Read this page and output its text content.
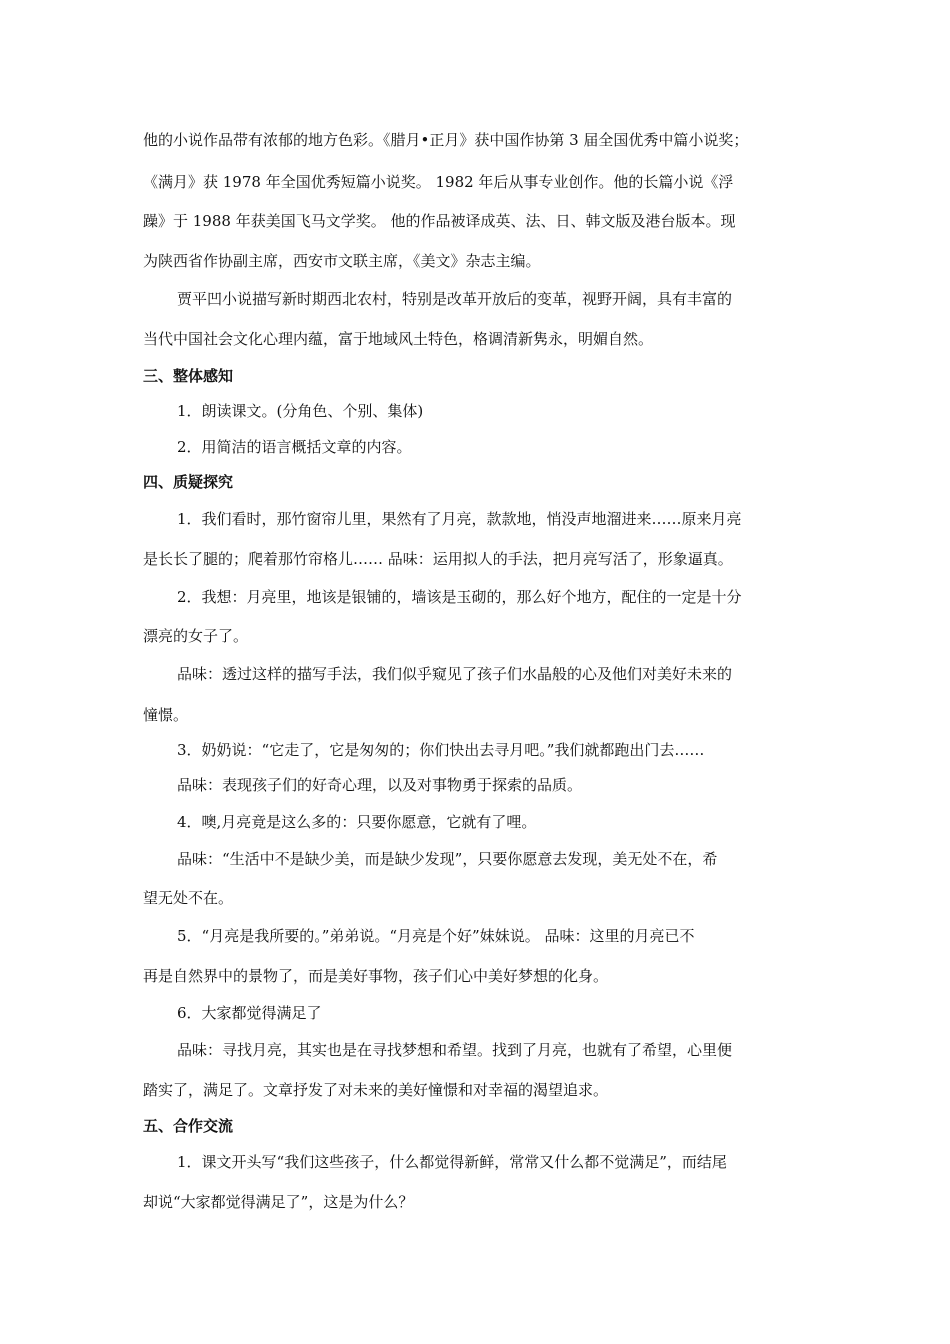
他的小说作品带有浓郁的地方色彩。《腊月•正月》获中国作协第 3 届全国优秀中篇小说奖；
《满月》获 1978 年全国优秀短篇小说奖。 1982 年后从事专业创作。他的长篇小说《浮
躁》于 1988 年获美国飞马文学奖。 他的作品被译成英、法、日、韩文版及港台版本。现
为陕西省作协副主席，西安市文联主席，《美文》杂志主编。
贾平凹小说描写新时期西北农村，特别是改革开放后的变革，视野开阔，具有丰富的
当代中国社会文化心理内蕴，富于地域风土特色，格调清新隽永，明媚自然。
三、整体感知
1．朗读课文。(分角色、个别、集体)
2．用简洁的语言概括文章的内容。
四、质疑探究
1．我们看时，那竹窗帘儿里，果然有了月亮，款款地，悄没声地溜进来……原来月亮
是长长了腿的；爬着那竹帘格儿…… 品味：运用拟人的手法，把月亮写活了，形象逼真。
2．我想：月亮里，地该是银铺的，墙该是玉砌的，那么好个地方，配住的一定是十分
漂亮的女子了。
品味：透过这样的描写手法，我们似乎窥见了孩子们水晶般的心及他们对美好未来的
憧憬。
3．奶奶说：“它走了，它是匆匆的；你们快出去寻月吧。”我们就都跑出门去……
品味：表现孩子们的好奇心理，以及对事物勇于探索的品质。
4．噢,月亮竟是这么多的：只要你愿意，它就有了哩。
品味：“生活中不是缺少美，而是缺少发现”，只要你愿意去发现，美无处不在，希
望无处不在。
5．“月亮是我所要的。”弟弟说。“月亮是个好”妹妹说。 品味：这里的月亮已不
再是自然界中的景物了，而是美好事物，孩子们心中美好梦想的化身。
6．大家都觉得满足了
品味：寻找月亮，其实也是在寻找梦想和希望。找到了月亮，也就有了希望，心里便
踏实了，满足了。文章抒发了对未来的美好憧憬和对幸福的渴望追求。
五、合作交流
1．课文开头写“我们这些孩子，什么都觉得新鲜，常常又什么都不觉满足”，而结尾
却说“大家都觉得满足了”，这是为什么？
